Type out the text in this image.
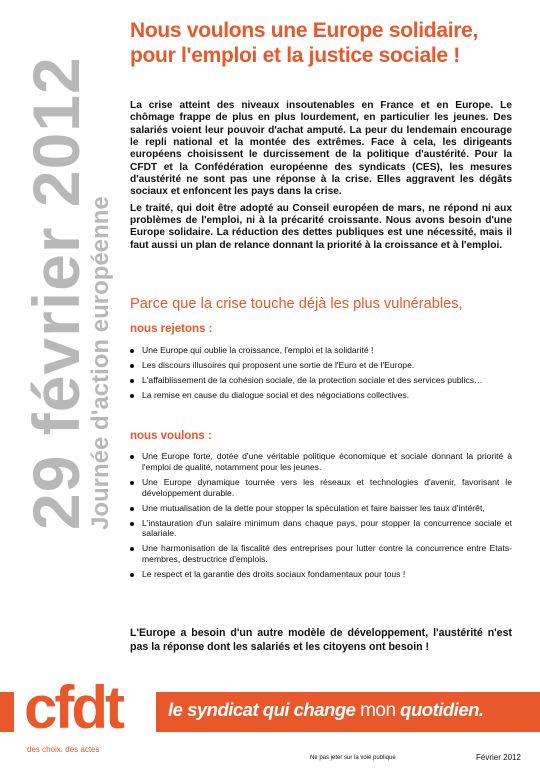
29 février 2012
Journée d'action européenne
Nous voulons une Europe solidaire,
pour l'emploi et la justice sociale !

La crise atteint des niveaux insoutenables en France et en Europe. Le chômage frappe de plus en plus lourdement, en particulier les jeunes. Des salariés voient leur pouvoir d'achat amputé. La peur du lendemain encourage le repli national et la montée des extrêmes. Face à cela, les dirigeants européens choisissent le durcissement de la politique d'austérité. Pour la CFDT et la Confédération européenne des syndicats (CES), les mesures d'austérité ne sont pas une réponse à la crise. Elles aggravent les dégâts sociaux et enfoncent les pays dans la crise.

Le traité, qui doit être adopté au Conseil européen de mars, ne répond ni aux problèmes de l'emploi, ni à la précarité croissante. Nous avons besoin d'une Europe solidaire. La réduction des dettes publiques est une nécessité, mais il faut aussi un plan de relance donnant la priorité à la croissance et à l'emploi.

Parce que la crise touche déjà les plus vulnérables,
nous rejetons :
Une Europe qui oublie la croissance, l'emploi et la solidarité !
Les discours illusoires qui proposent une sortie de l'Euro et de l'Europe.
L'affaiblissement de la cohésion sociale, de la protection sociale et des services publics…
La remise en cause du dialogue social et des négociations collectives.
nous voulons :
Une Europe forte, dotée d'une véritable politique économique et sociale donnant la priorité à l'emploi de qualité, notamment pour les jeunes.
Une Europe dynamique tournée vers les réseaux et technologies d'avenir, favorisant le développement durable.
Une mutualisation de la dette pour stopper la spéculation et faire baisser les taux d'intérêt,
L'instauration d'un salaire minimum dans chaque pays, pour stopper la concurrence sociale et salariale.
Une harmonisation de la fiscalité des entreprises pour lutter contre la concurrence entre Etats-membres, destructrice d'emplois.
Le respect et la garantie des droits sociaux fondamentaux pour tous !
L'Europe a besoin d'un autre modèle de développement, l'austérité n'est pas la réponse dont les salariés et les citoyens ont besoin !
le syndicat qui change mon quotidien.
cfdt
des choix. des actes
Ne pas jeter sur la voie publique	Février 2012
